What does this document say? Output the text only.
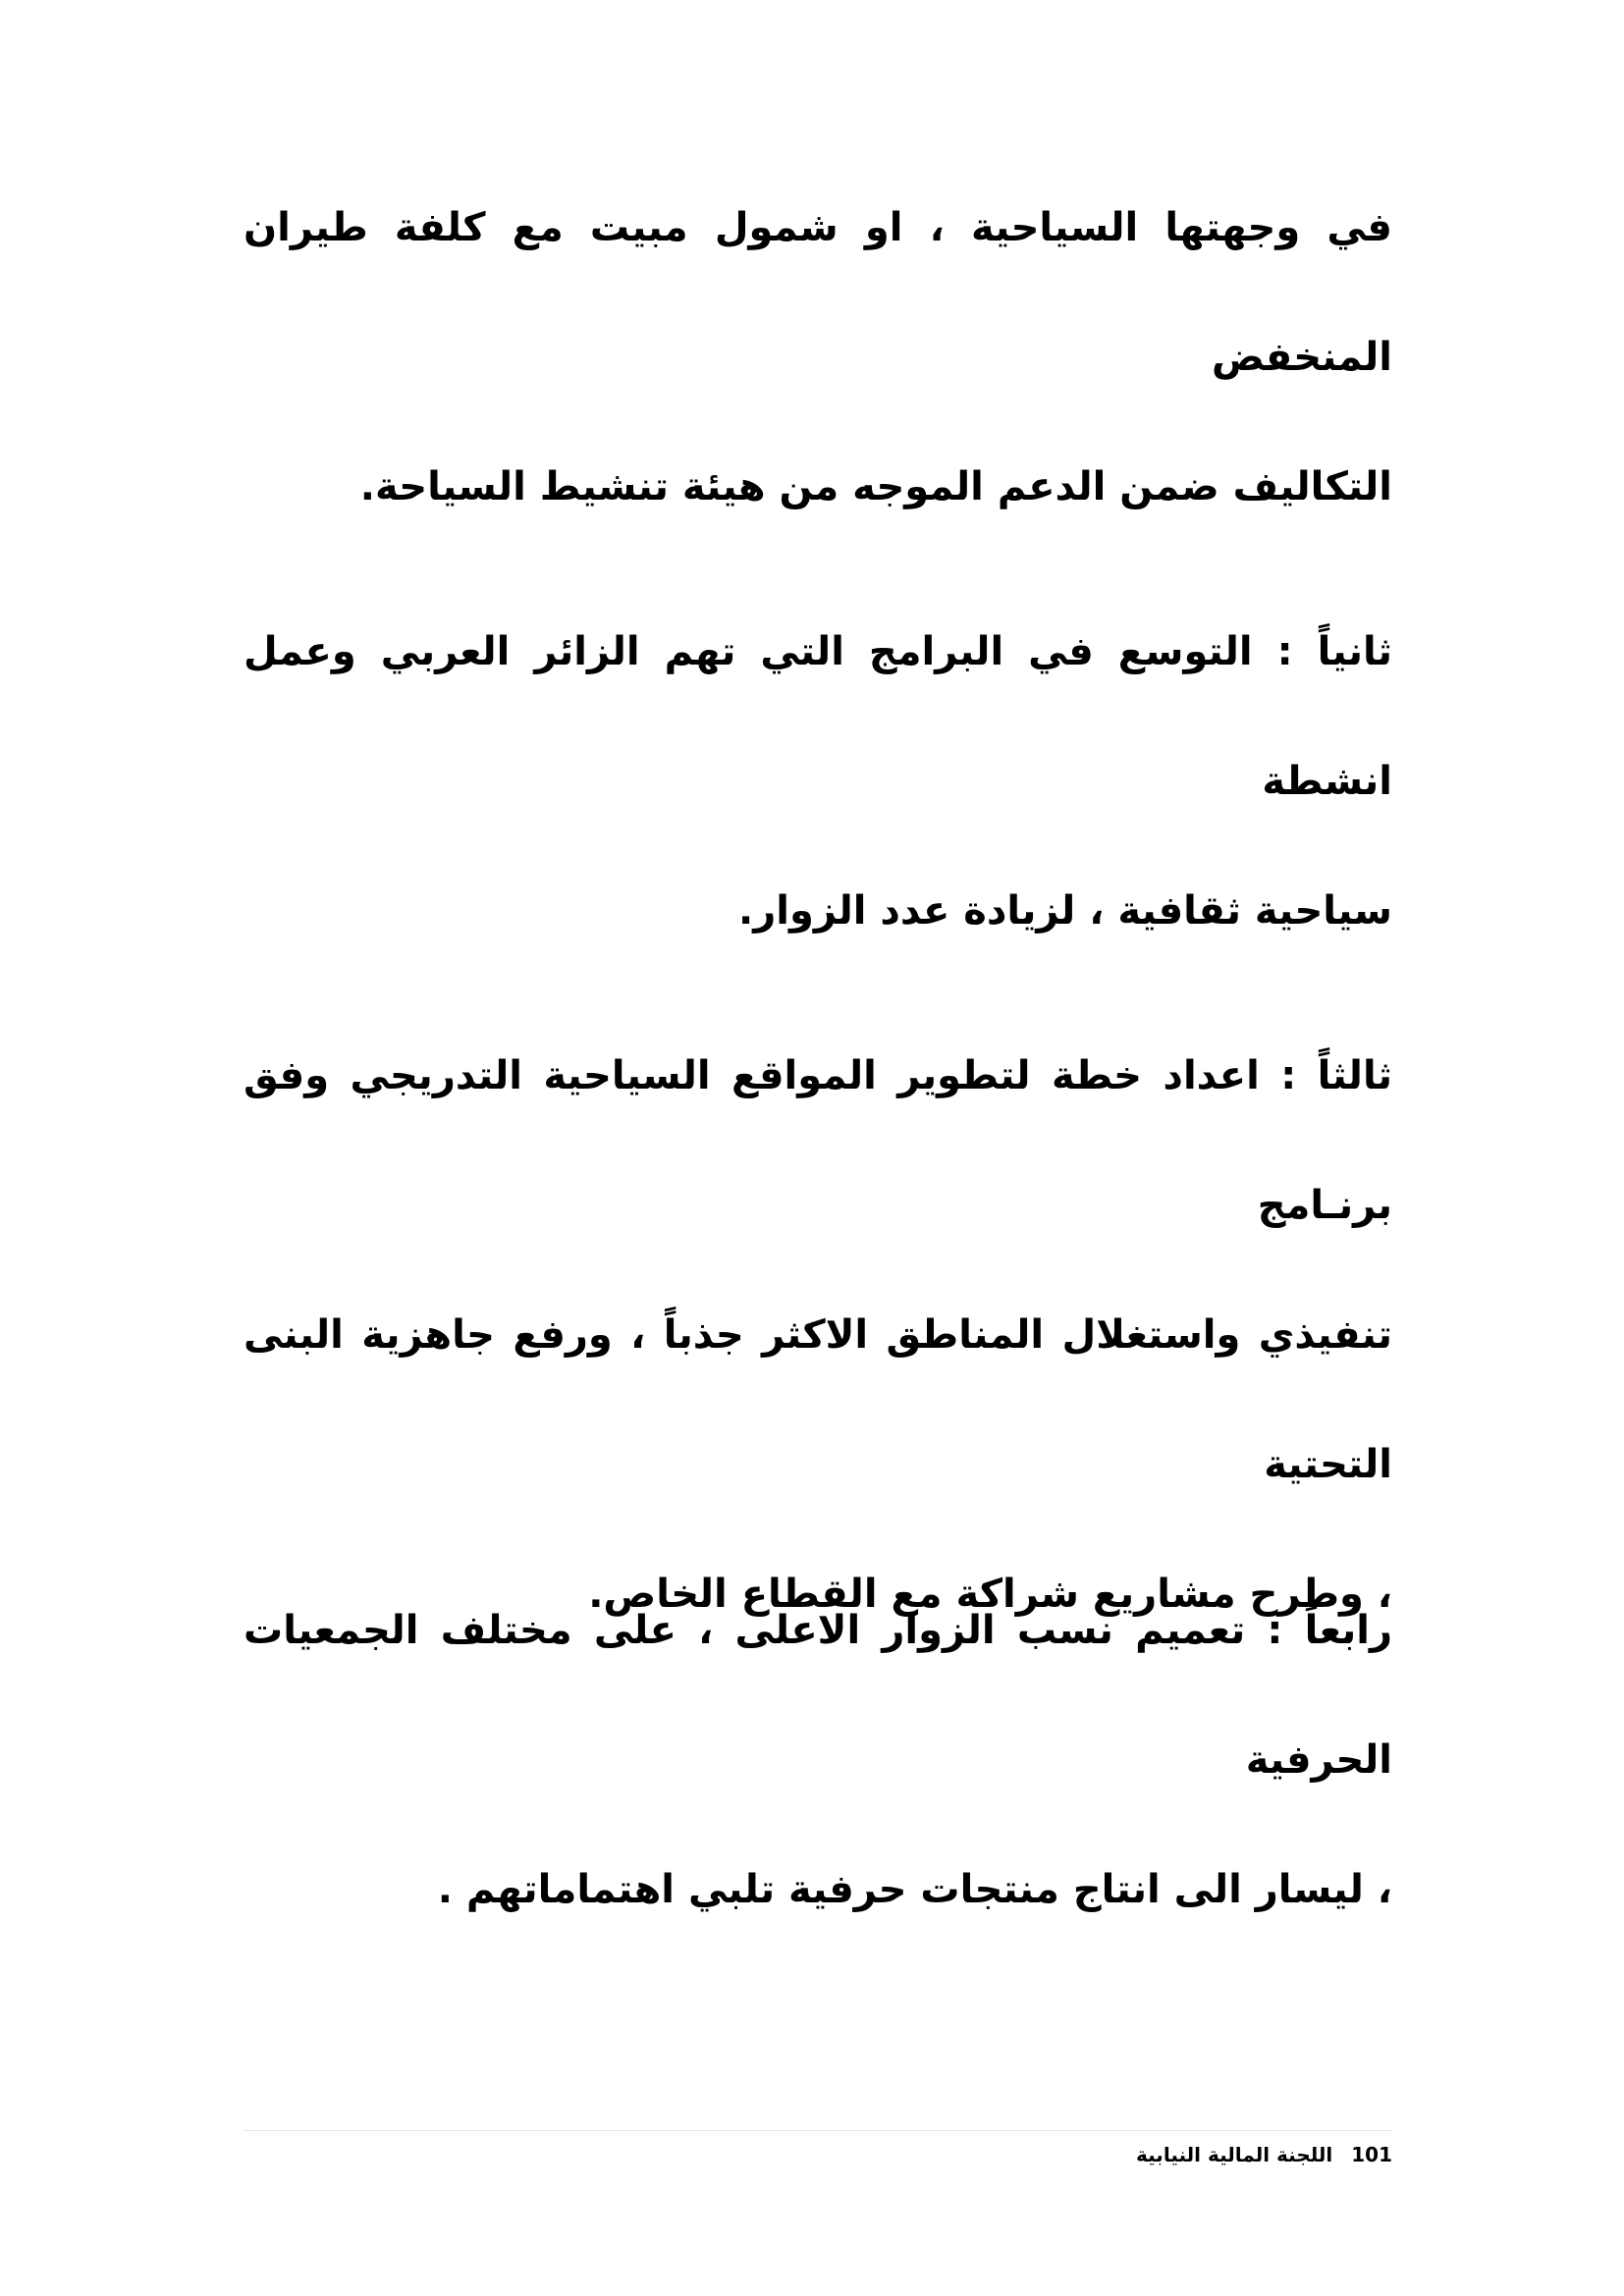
في وجهتها السياحية ، او شمول مبيت مع كلفة طيران المنخفض
التكاليف ضمن الدعم الموجه من هيئة تنشيط السياحة.

ثانياً : التوسع في البرامج التي تهم الزائر العربي وعمل انشطة
سياحية ثقافية ، لزيادة عدد الزوار.

ثالثاً : اعداد خطة لتطوير المواقع السياحية التدريجي وفق برنـامج
تنفيذي واستغلال المناطق الاكثر جذباً ، ورفع جاهزية البنى التحتية
، وطرح مشاريع شراكة مع القطاع الخاص.

رابعاً : تعميم نسب الزوار الاعلى ، على مختلف الجمعيات الحرفية
، ليسار الى انتاج منتجات حرفية تلبي اهتماماتهم .

101 اللجنة المالية النيابية
